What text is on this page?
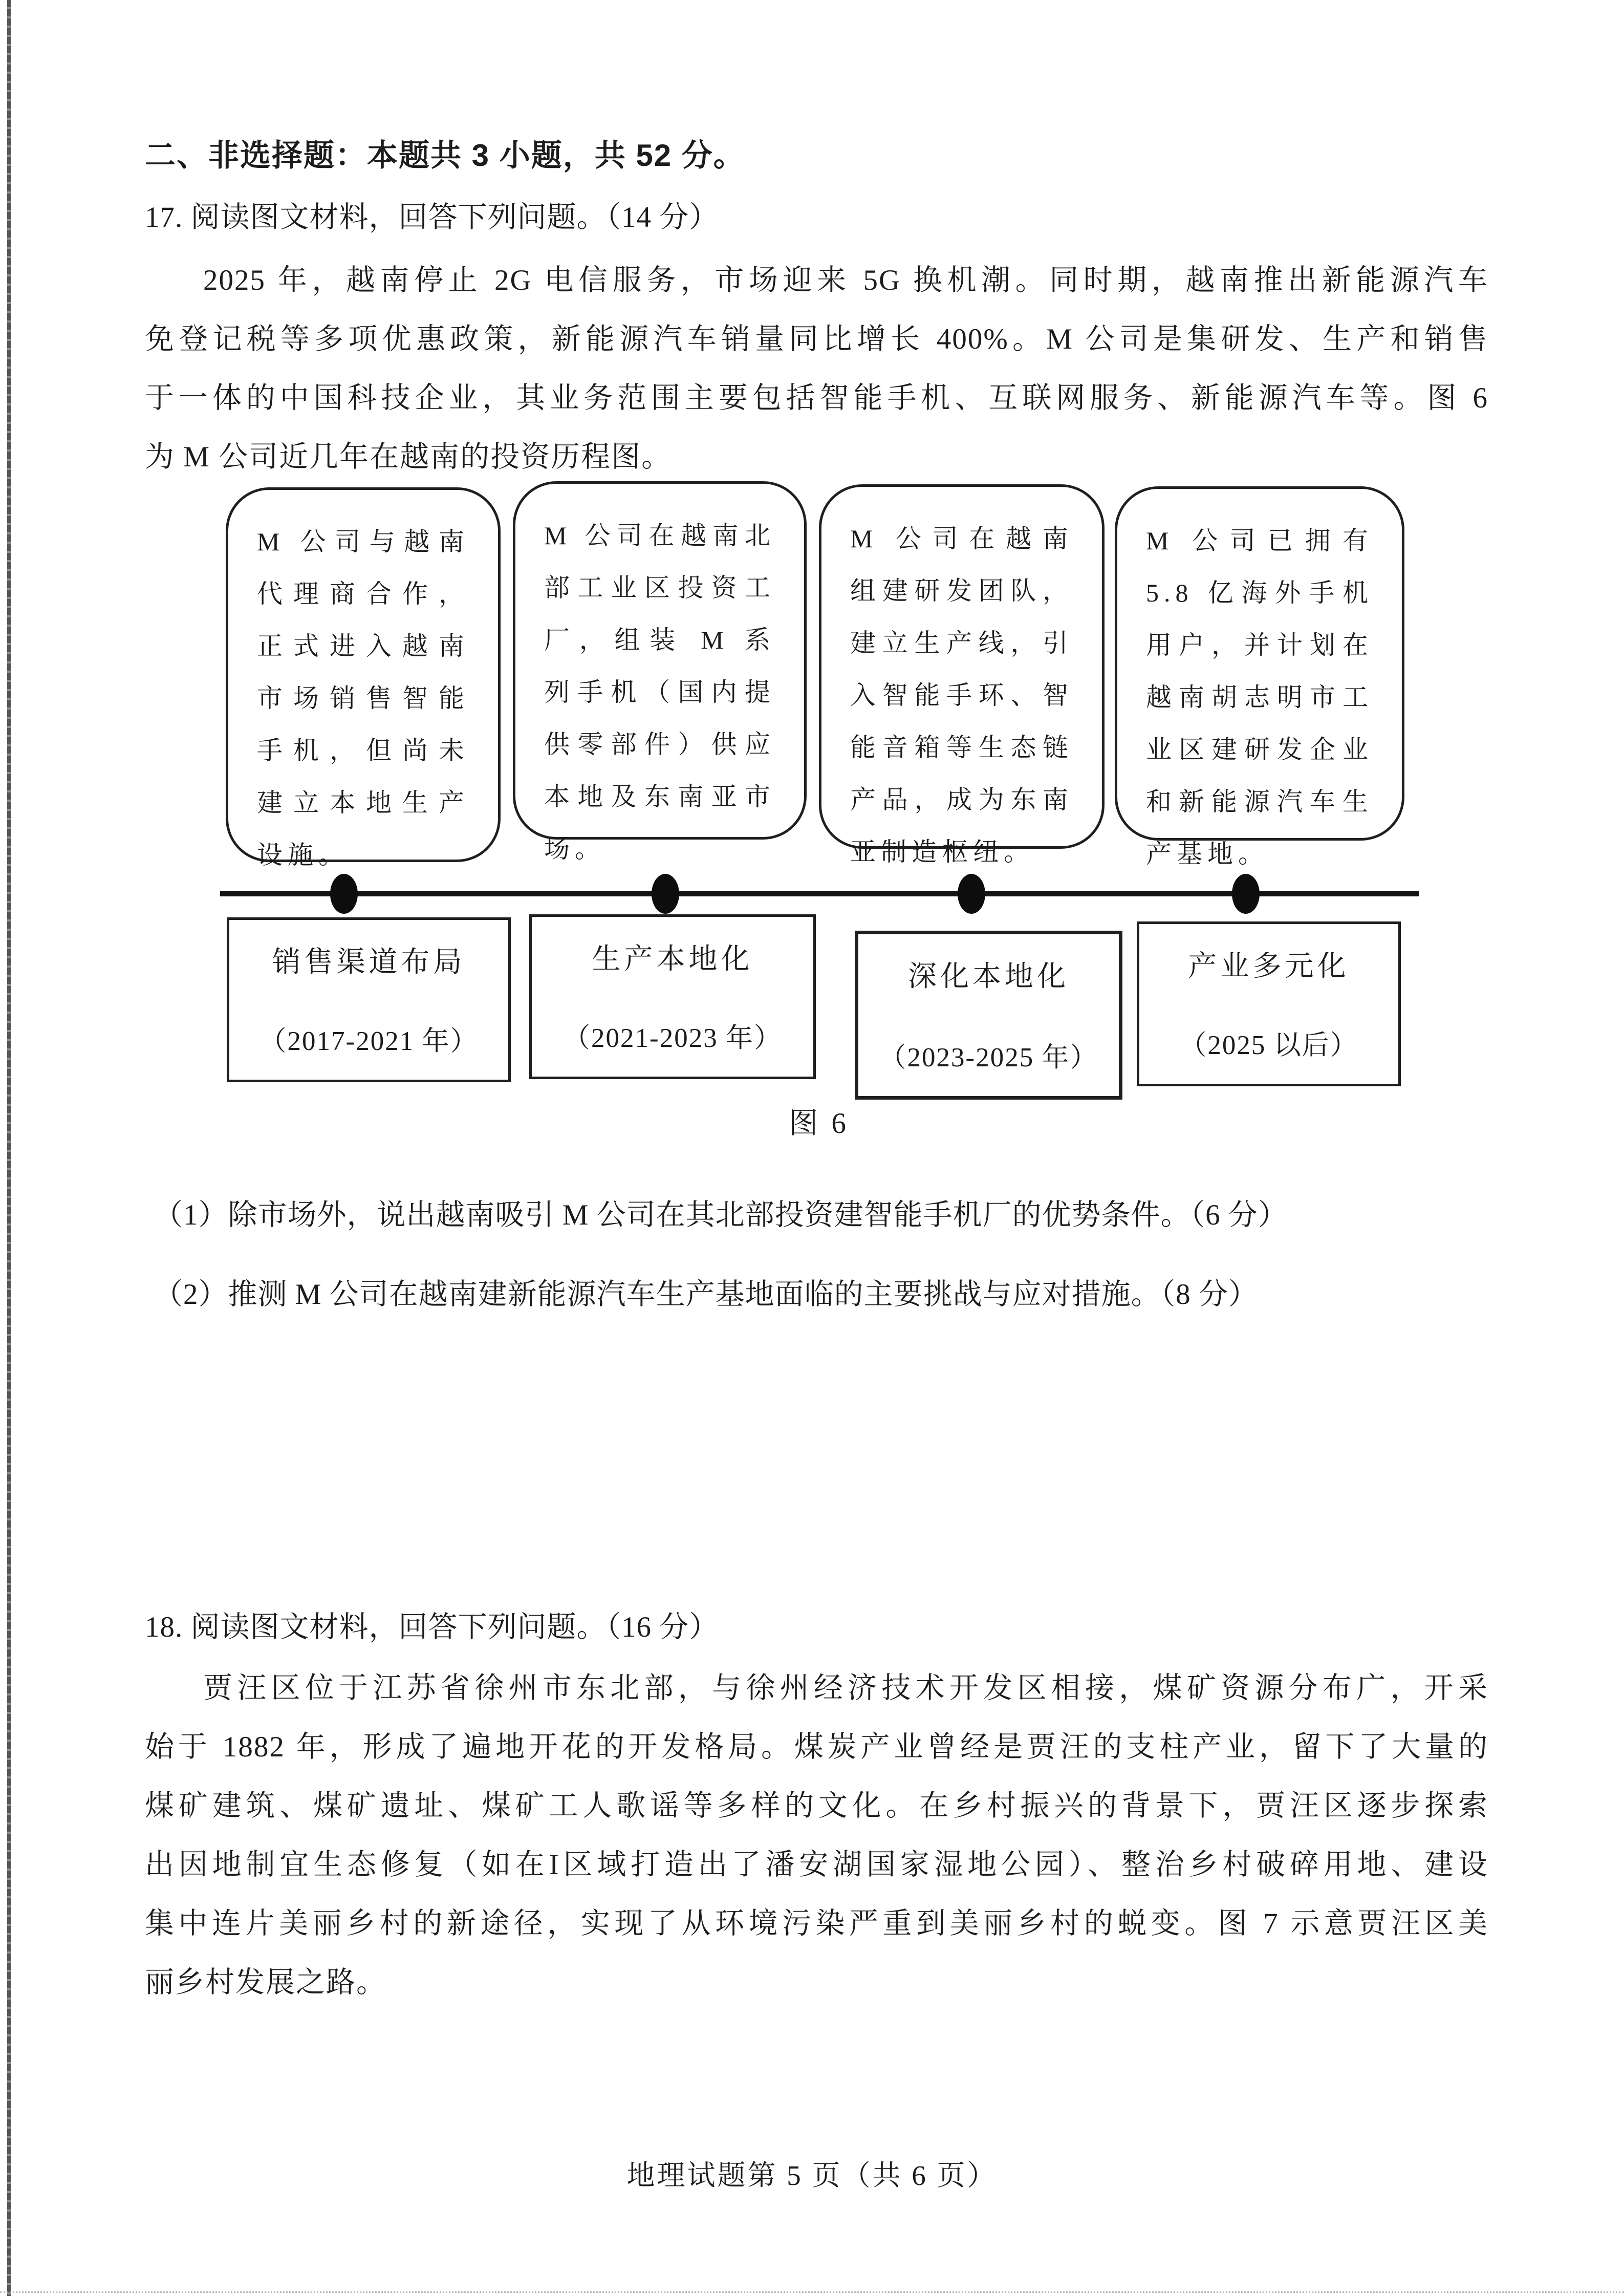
二、非选择题：本题共 3 小题，共 52 分。
17. 阅读图文材料，回答下列问题。（14 分）
2025 年，越南停止 2G 电信服务，市场迎来 5G 换机潮。同时期，越南推出新能源汽车
免登记税等多项优惠政策，新能源汽车销量同比增长 400%。M 公司是集研发、生产和销售
于一体的中国科技企业，其业务范围主要包括智能手机、互联网服务、新能源汽车等。图 6
为 M 公司近几年在越南的投资历程图。
M 公司与越南代理商合作，正式进入越南市场销售智能手机，但尚未建立本地生产设施。
M 公司在越南北部工业区投资工厂，组装 M 系列手机（国内提供零部件）供应本地及东南亚市场。
M 公司在越南组建研发团队，建立生产线，引入智能手环、智能音箱等生态链产品，成为东南亚制造枢纽。
M 公司已拥有 5.8 亿海外手机用户，并计划在越南胡志明市工业区建研发企业和新能源汽车生产基地。
销售渠道布局
（2017-2021 年）
生产本地化
（2021-2023 年）
深化本地化
（2023-2025 年）
产业多元化
（2025 以后）
图 6
（1）除市场外，说出越南吸引 M 公司在其北部投资建智能手机厂的优势条件。（6 分）
（2）推测 M 公司在越南建新能源汽车生产基地面临的主要挑战与应对措施。（8 分）
18. 阅读图文材料，回答下列问题。（16 分）
贾汪区位于江苏省徐州市东北部，与徐州经济技术开发区相接，煤矿资源分布广，开采
始于 1882 年，形成了遍地开花的开发格局。煤炭产业曾经是贾汪的支柱产业，留下了大量的
煤矿建筑、煤矿遗址、煤矿工人歌谣等多样的文化。在乡村振兴的背景下，贾汪区逐步探索
出因地制宜生态修复（如在I区域打造出了潘安湖国家湿地公园）、整治乡村破碎用地、建设
集中连片美丽乡村的新途径，实现了从环境污染严重到美丽乡村的蜕变。图 7 示意贾汪区美
丽乡村发展之路。
地理试题第 5 页（共 6 页）
